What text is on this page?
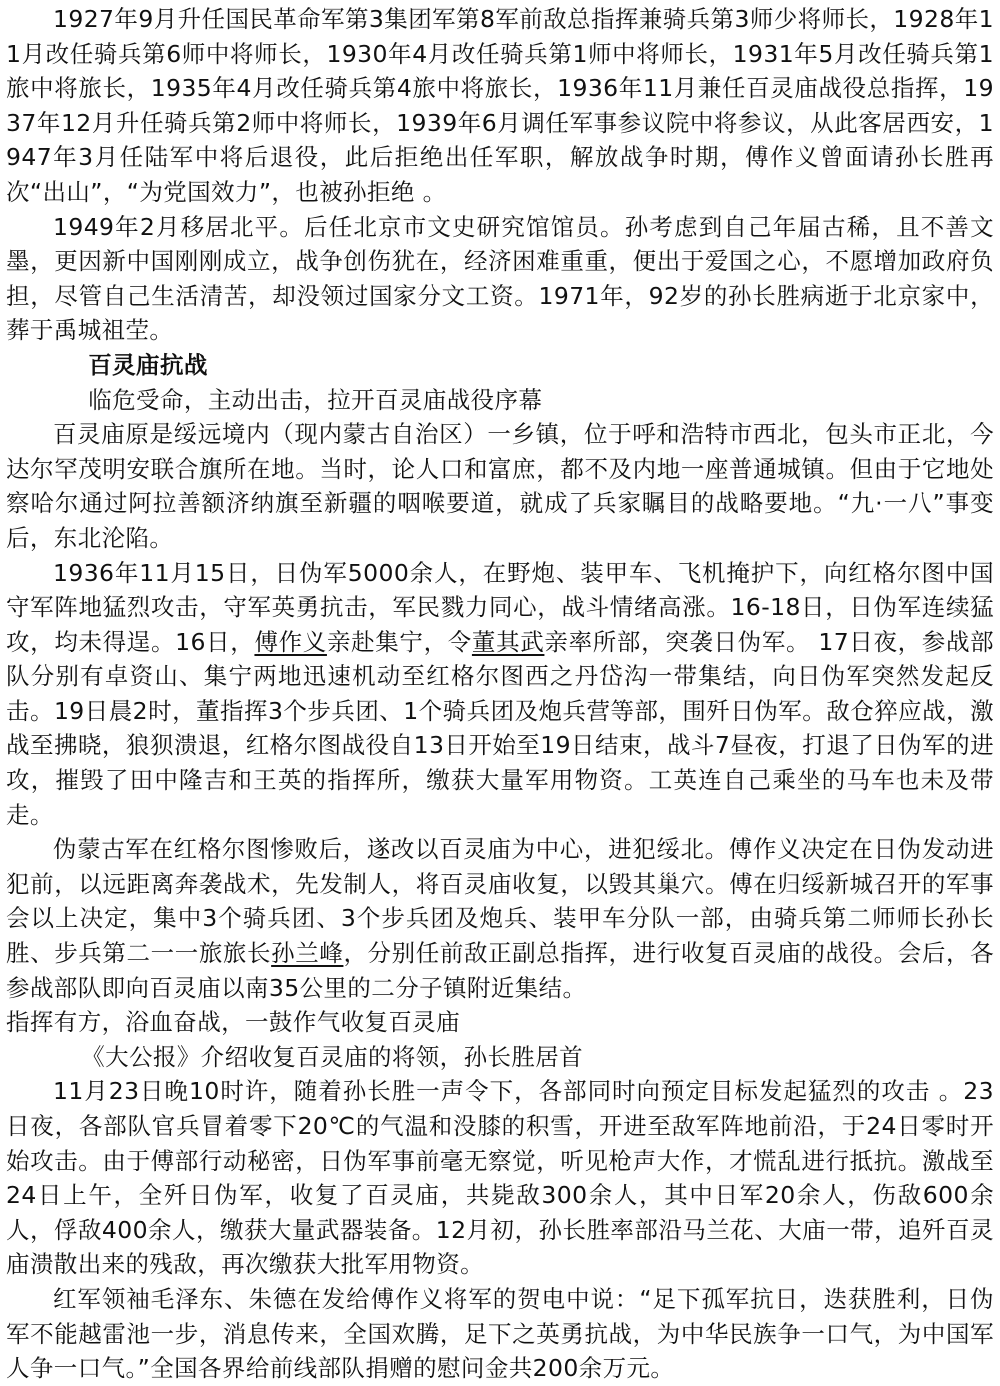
1927年9月升任国民革命军第3集团军第8军前敌总指挥兼骑兵第3师少将师长，1928年11月改任骑兵第6师中将师长，1930年4月改任骑兵第1师中将师长，1931年5月改任骑兵第1旅中将旅长，1935年4月改任骑兵第4旅中将旅长，1936年11月兼任百灵庙战役总指挥，1937年12月升任骑兵第2师中将师长，1939年6月调任军事参议院中将参议，从此客居西安，1947年3月任陆军中将后退役，此后拒绝出任军职，解放战争时期，傅作义曾面请孙长胜再次“出山”，“为党国效力”，也被孙拒绝 。

1949年2月移居北平。后任北京市文史研究馆馆员。孙考虑到自己年届古稀，且不善文墨，更因新中国刚刚成立，战争创伤犹在，经济困难重重，便出于爱国之心，不愿增加政府负担，尽管自己生活清苦，却没领过国家分文工资。1971年，92岁的孙长胜病逝于北京家中，葬于禹城祖茔。

百灵庙抗战

临危受命，主动出击，拉开百灵庙战役序幕

百灵庙原是绥远境内（现内蒙古自治区）一乡镇，位于呼和浩特市西北，包头市正北，今达尔罕茂明安联合旗所在地。当时，论人口和富庶，都不及内地一座普通城镇。但由于它地处察哈尔通过阿拉善额济纳旗至新疆的咽喉要道，就成了兵家瞩目的战略要地。“九·一八”事变后，东北沦陷。

1936年11月15日，日伪军5000余人，在野炮、装甲车、飞机掩护下，向红格尔图中国守军阵地猛烈攻击，守军英勇抗击，军民戮力同心，战斗情绪高涨。16-18日，日伪军连续猛攻，均未得逞。16日，傅作义亲赴集宁，令董其武亲率所部，突袭日伪军。 17日夜，参战部队分别有卓资山、集宁两地迅速机动至红格尔图西之丹岱沟一带集结，向日伪军突然发起反击。19日晨2时，董指挥3个步兵团、1个骑兵团及炮兵营等部，围歼日伪军。敌仓猝应战，激战至拂晓，狼狈溃退，红格尔图战役自13日开始至19日结束，战斗7昼夜，打退了日伪军的进攻，摧毁了田中隆吉和王英的指挥所，缴获大量军用物资。工英连自己乘坐的马车也未及带走。

伪蒙古军在红格尔图惨败后，遂改以百灵庙为中心，进犯绥北。傅作义决定在日伪发动进犯前，以远距离奔袭战术，先发制人，将百灵庙收复，以毁其巢穴。傅在归绥新城召开的军事会以上决定，集中3个骑兵团、3个步兵团及炮兵、装甲车分队一部，由骑兵第二师师长孙长胜、步兵第二一一旅旅长孙兰峰，分别任前敌正副总指挥，进行收复百灵庙的战役。会后，各参战部队即向百灵庙以南35公里的二分子镇附近集结。

指挥有方，浴血奋战，一鼓作气收复百灵庙

《大公报》介绍收复百灵庙的将领，孙长胜居首

11月23日晚10时许，随着孙长胜一声令下，各部同时向预定目标发起猛烈的攻击 。23日夜，各部队官兵冒着零下20℃的气温和没膝的积雪，开进至敌军阵地前沿，于24日零时开始攻击。由于傅部行动秘密，日伪军事前毫无察觉，听见枪声大作，才慌乱进行抵抗。激战至24日上午，全歼日伪军，收复了百灵庙，共毙敌300余人，其中日军20余人，伤敌600余人，俘敌400余人，缴获大量武器装备。12月初，孙长胜率部沿马兰花、大庙一带，追歼百灵庙溃散出来的残敌，再次缴获大批军用物资。

红军领袖毛泽东、朱德在发给傅作义将军的贺电中说：“足下孤军抗日，迭获胜利，日伪军不能越雷池一步，消息传来，全国欢腾，足下之英勇抗战，为中华民族争一口气，为中国军人争一口气。”全国各界给前线部队捐赠的慰问金共200余万元。
